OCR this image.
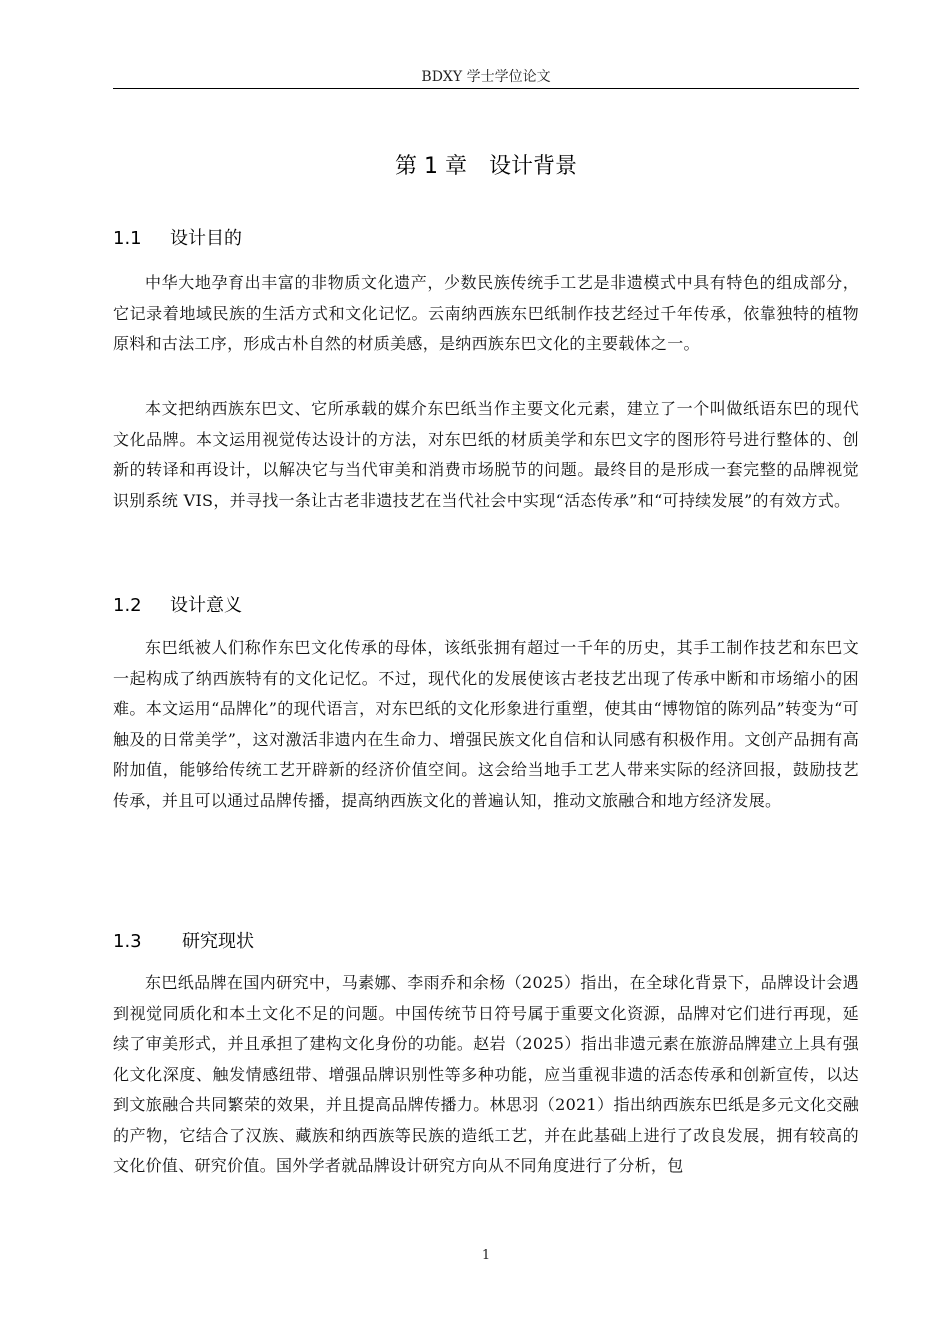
BDXY 学士学位论文
第 1 章 设计背景
1.1 设计目的

中华大地孕育出丰富的非物质文化遗产，少数民族传统手工艺是非遗模式中具有特色的组成部分，它记录着地域民族的生活方式和文化记忆。云南纳西族东巴纸制作技艺经过千年传承，依靠独特的植物原料和古法工序，形成古朴自然的材质美感，是纳西族东巴文化的主要载体之一。

本文把纳西族东巴文、它所承载的媒介东巴纸当作主要文化元素，建立了一个叫做纸语东巴的现代文化品牌。本文运用视觉传达设计的方法，对东巴纸的材质美学和东巴文字的图形符号进行整体的、创新的转译和再设计，以解决它与当代审美和消费市场脱节的问题。最终目的是形成一套完整的品牌视觉识别系统 VIS，并寻找一条让古老非遗技艺在当代社会中实现“活态传承”和“可持续发展”的有效方式。

1.2 设计意义

东巴纸被人们称作东巴文化传承的母体，该纸张拥有超过一千年的历史，其手工制作技艺和东巴文一起构成了纳西族特有的文化记忆。不过，现代化的发展使该古老技艺出现了传承中断和市场缩小的困难。本文运用“品牌化”的现代语言，对东巴纸的文化形象进行重塑，使其由“博物馆的陈列品”转变为“可触及的日常美学”，这对激活非遗内在生命力、增强民族文化自信和认同感有积极作用。文创产品拥有高附加值，能够给传统工艺开辟新的经济价值空间。这会给当地手工艺人带来实际的经济回报，鼓励技艺传承，并且可以通过品牌传播，提高纳西族文化的普遍认知，推动文旅融合和地方经济发展。

1.3 研究现状

东巴纸品牌在国内研究中，马素娜、李雨乔和余杨（2025）指出，在全球化背景下，品牌设计会遇到视觉同质化和本土文化不足的问题。中国传统节日符号属于重要文化资源，品牌对它们进行再现，延续了审美形式，并且承担了建构文化身份的功能。赵岩（2025）指出非遗元素在旅游品牌建立上具有强化文化深度、触发情感纽带、增强品牌识别性等多种功能，应当重视非遗的活态传承和创新宣传，以达到文旅融合共同繁荣的效果，并且提高品牌传播力。林思羽（2021）指出纳西族东巴纸是多元文化交融的产物，它结合了汉族、藏族和纳西族等民族的造纸工艺，并在此基础上进行了改良发展，拥有较高的文化价值、研究价值。国外学者就品牌设计研究方向从不同角度进行了分析，包

1
